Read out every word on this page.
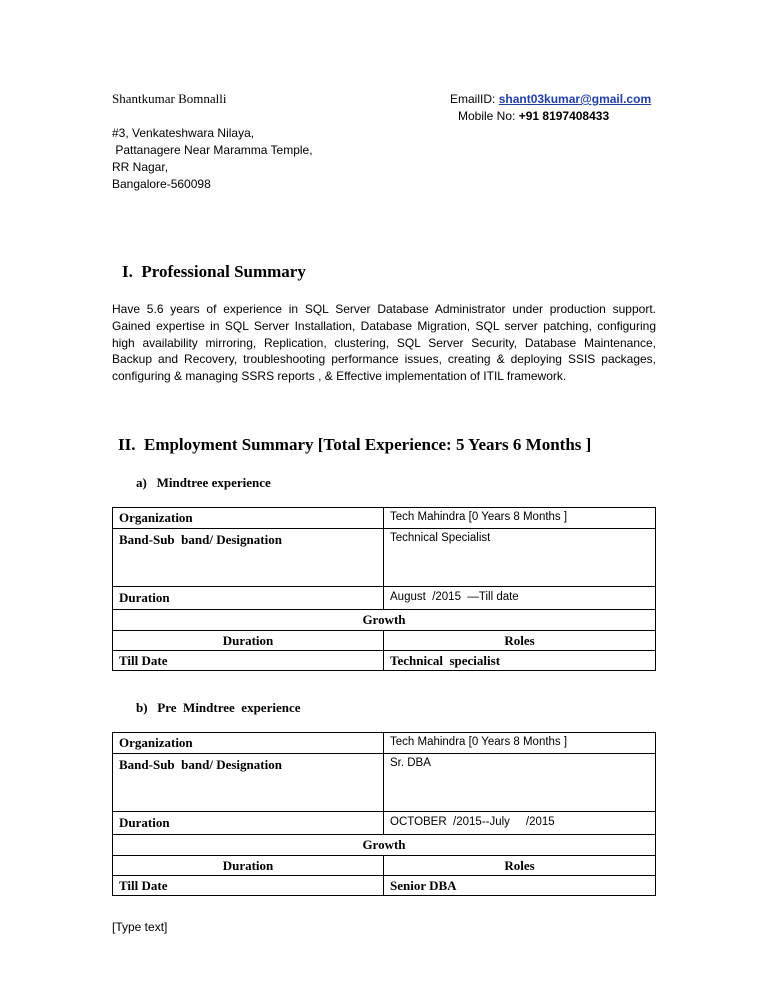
Shantkumar Bomnalli	EmailID: shant03kumar@gmail.com
Mobile No: +91 8197408433
#3, Venkateshwara Nilaya,
Pattanagere Near Maramma Temple,
RR Nagar,
Bangalore-560098
I.  Professional Summary
Have 5.6 years of experience in SQL Server Database Administrator under production support. Gained expertise in SQL Server Installation, Database Migration, SQL server patching, configuring high availability mirroring, Replication, clustering, SQL Server Security, Database Maintenance, Backup and Recovery, troubleshooting performance issues, creating & deploying SSIS packages, configuring & managing SSRS reports , & Effective implementation of ITIL framework.
II.  Employment Summary [Total Experience: 5 Years 6 Months ]
a)   Mindtree experience
Organization	Tech Mahindra [0 Years 8 Months ]
Band-Sub  band/ Designation	Technical Specialist
Duration	August  /2015  —Till date
Growth	
Duration	Roles
Till Date	Technical  specialist
b)   Pre  Mindtree  experience
Organization	Tech Mahindra [0 Years 8 Months ]
Band-Sub  band/ Designation	Sr. DBA
Duration	OCTOBER  /2015--July     /2015
Growth	
Duration	Roles
Till Date	Senior DBA
[Type text]
